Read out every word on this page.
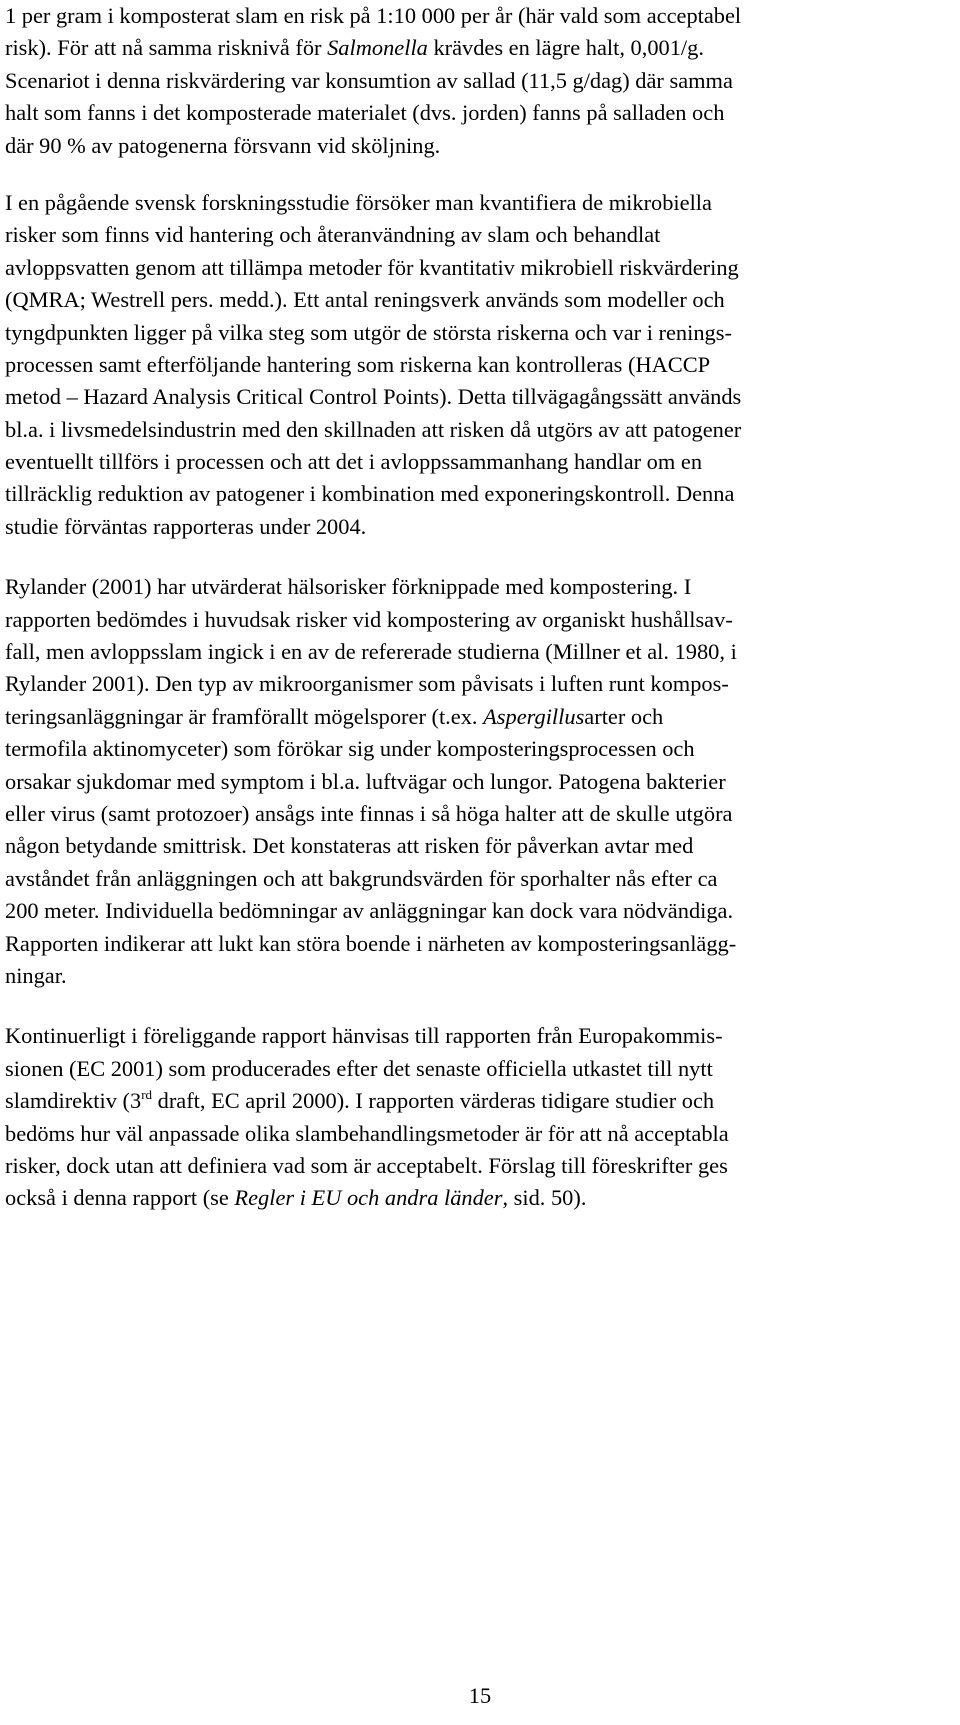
1 per gram i komposterat slam en risk på 1:10 000 per år (här vald som acceptabel
risk). För att nå samma risknivå för Salmonella krävdes en lägre halt, 0,001/g.
Scenariot i denna riskvärdering var konsumtion av sallad (11,5 g/dag) där samma
halt som fanns i det komposterade materialet (dvs. jorden) fanns på salladen och
där 90 % av patogenerna försvann vid sköljning.
I en pågående svensk forskningsstudie försöker man kvantifiera de mikrobiella
risker som finns vid hantering och återanvändning av slam och behandlat
avloppsvatten genom att tillämpa metoder för kvantitativ mikrobiell riskvärdering
(QMRA; Westrell pers. medd.). Ett antal reningsverk används som modeller och
tyngdpunkten ligger på vilka steg som utgör de största riskerna och var i renings-
processen samt efterföljande hantering som riskerna kan kontrolleras (HACCP
metod – Hazard Analysis Critical Control Points). Detta tillvägagångssätt används
bl.a. i livsmedelsindustrin med den skillnaden att risken då utgörs av att patogener
eventuellt tillförs i processen och att det i avloppssammanhang handlar om en
tillräcklig reduktion av patogener i kombination med exponeringskontroll. Denna
studie förväntas rapporteras under 2004.
Rylander (2001) har utvärderat hälsorisker förknippade med kompostering. I
rapporten bedömdes i huvudsak risker vid kompostering av organiskt hushållsav-
fall, men avloppsslam ingick i en av de refererade studierna (Millner et al. 1980, i
Rylander 2001). Den typ av mikroorganismer som påvisats i luften runt kompos-
teringsanläggningar är framförallt mögelsporer (t.ex. Aspergillusarter och
termofila aktinomyceter) som förökar sig under komposteringsprocessen och
orsakar sjukdomar med symptom i bl.a. luftvägar och lungor. Patogena bakterier
eller virus (samt protozoer) ansågs inte finnas i så höga halter att de skulle utgöra
någon betydande smittrisk. Det konstateras att risken för påverkan avtar med
avståndet från anläggningen och att bakgrundsvärden för sporhalter nås efter ca
200 meter. Individuella bedömningar av anläggningar kan dock vara nödvändiga.
Rapporten indikerar att lukt kan störa boende i närheten av komposteringsanlägg-
ningar.
Kontinuerligt i föreliggande rapport hänvisas till rapporten från Europakommis-
sionen (EC 2001) som producerades efter det senaste officiella utkastet till nytt
slamdirektiv (3rd draft, EC april 2000). I rapporten värderas tidigare studier och
bedöms hur väl anpassade olika slambehandlingsmetoder är för att nå acceptabla
risker, dock utan att definiera vad som är acceptabelt. Förslag till föreskrifter ges
också i denna rapport (se Regler i EU och andra länder, sid. 50).
15
